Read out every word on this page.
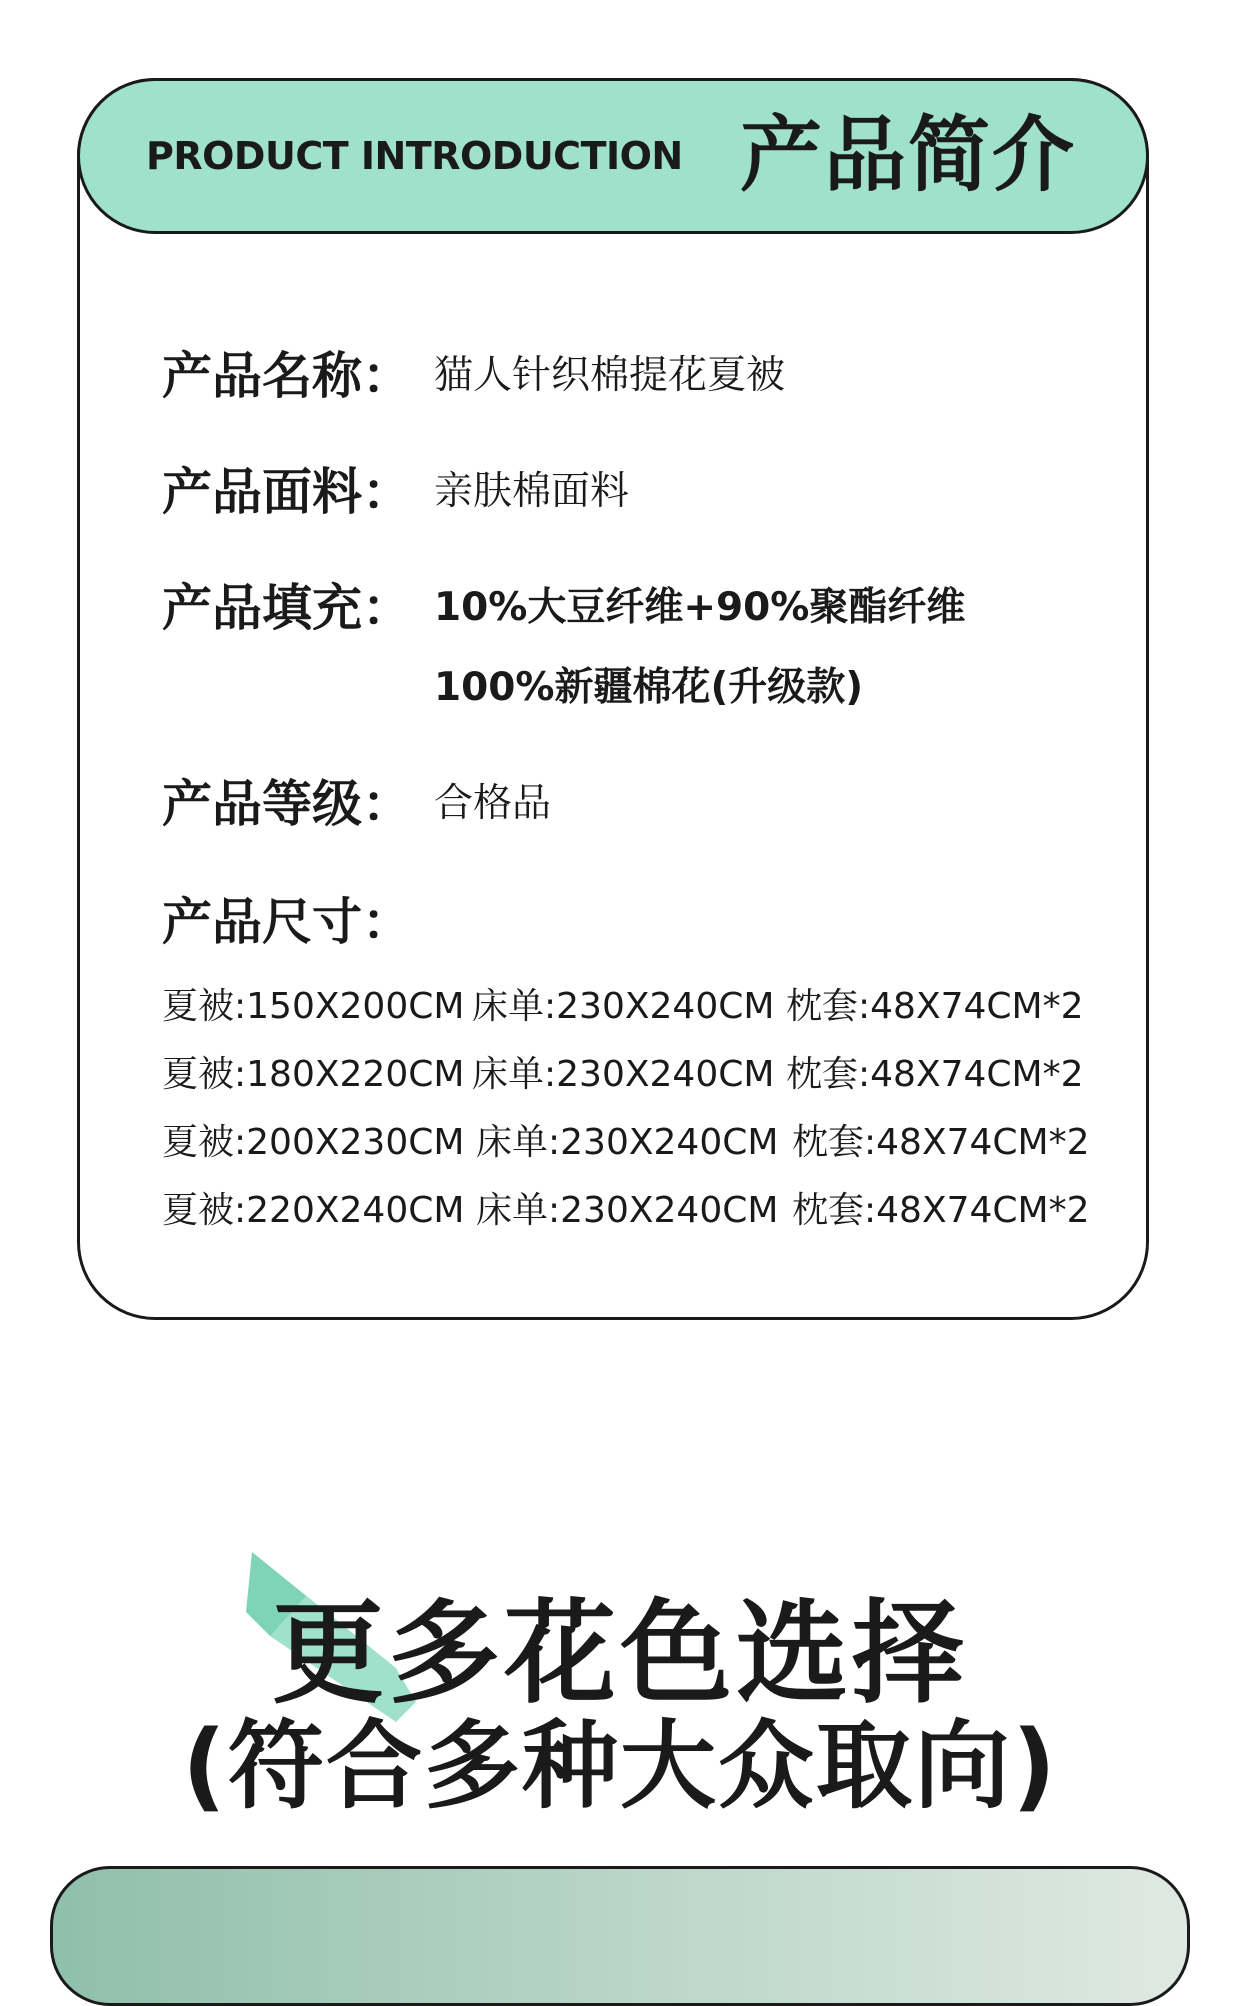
PRODUCT INTRODUCTION 产品简介
产品名称： 猫人针织棉提花夏被
产品面料： 亲肤棉面料
产品填充： 10%大豆纤维+90%聚酯纤维
100%新疆棉花(升级款)
产品等级： 合格品
产品尺寸：
夏被:150X200CM 床单:230X240CM 枕套:48X74CM*2
夏被:180X220CM 床单:230X240CM 枕套:48X74CM*2
夏被:200X230CM 床单:230X240CM 枕套:48X74CM*2
夏被:220X240CM 床单:230X240CM 枕套:48X74CM*2
更多花色选择
(符合多种大众取向)
